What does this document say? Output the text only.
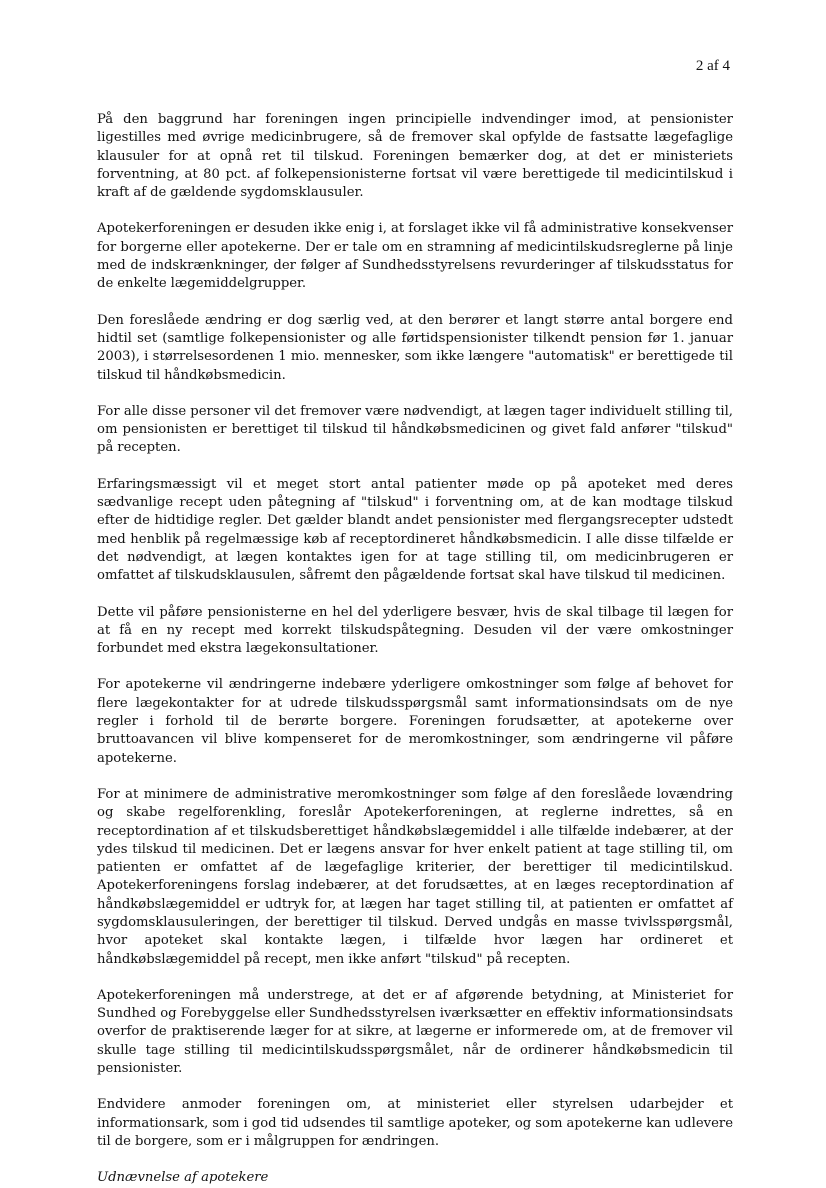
2 af 4

På den baggrund har foreningen ingen principielle indvendinger imod, at pensionister ligestilles med øvrige medicinbrugere, så de fremover skal opfylde de fastsatte lægefaglige klausuler for at opnå ret til tilskud. Foreningen bemærker dog, at det er ministeriets forventning, at 80 pct. af folkepensionisterne fortsat vil være berettigede til medicintilskud i kraft af de gældende sygdomsklausuler.

Apotekerforeningen er desuden ikke enig i, at forslaget ikke vil få administrative konsekvenser for borgerne eller apotekerne. Der er tale om en stramning af medicintilskudsreglerne på linje med de indskrænkninger, der følger af Sundhedsstyrelsens revurderinger af tilskudsstatus for de enkelte lægemiddelgrupper.

Den foreslåede ændring er dog særlig ved, at den berører et langt større antal borgere end hidtil set (samtlige folkepensionister og alle førtidspensionister tilkendt pension før 1. januar 2003), i størrelsesordenen 1 mio. mennesker, som ikke længere "automatisk" er berettigede til tilskud til håndkøbsmedicin.

For alle disse personer vil det fremover være nødvendigt, at lægen tager individuelt stilling til, om pensionisten er berettiget til tilskud til håndkøbsmedicinen og givet fald anfører "tilskud" på recepten.

Erfaringsmæssigt vil et meget stort antal patienter møde op på apoteket med deres sædvanlige recept uden påtegning af "tilskud" i forventning om, at de kan modtage tilskud efter de hidtidige regler. Det gælder blandt andet pensionister med flergangsrecepter udstedt med henblik på regelmæssige køb af receptordineret håndkøbsmedicin. I alle disse tilfælde er det nødvendigt, at lægen kontaktes igen for at tage stilling til, om medicinbrugeren er omfattet af tilskudsklausulen, såfremt den pågældende fortsat skal have tilskud til medicinen.

Dette vil påføre pensionisterne en hel del yderligere besvær, hvis de skal tilbage til lægen for at få en ny recept med korrekt tilskudspåtegning. Desuden vil der være omkostninger forbundet med ekstra lægekonsultationer.

For apotekerne vil ændringerne indebære yderligere omkostninger som følge af behovet for flere lægekontakter for at udrede tilskudsspørgsmål samt informationsindsats om de nye regler i forhold til de berørte borgere. Foreningen forudsætter, at apotekerne over bruttoavancen vil blive kompenseret for de meromkostninger, som ændringerne vil påføre apotekerne.

For at minimere de administrative meromkostninger som følge af den foreslåede lovændring og skabe regelforenkling, foreslår Apotekerforeningen, at reglerne indrettes, så en receptordination af et tilskudsberettiget håndkøbslægemiddel i alle tilfælde indebærer, at der ydes tilskud til medicinen. Det er lægens ansvar for hver enkelt patient at tage stilling til, om patienten er omfattet af de lægefaglige kriterier, der berettiger til medicintilskud. Apotekerforeningens forslag indebærer, at det forudsættes, at en læges receptordination af håndkøbslægemiddel er udtryk for, at lægen har taget stilling til, at patienten er omfattet af sygdomsklausuleringen, der berettiger til tilskud. Derved undgås en masse tvivlsspørgsmål, hvor apoteket skal kontakte lægen, i tilfælde hvor lægen har ordineret et håndkøbslægemiddel på recept, men ikke anført "tilskud" på recepten.

Apotekerforeningen må understrege, at det er af afgørende betydning, at Ministeriet for Sundhed og Forebyggelse eller Sundhedsstyrelsen iværksætter en effektiv informationsindsats overfor de praktiserende læger for at sikre, at lægerne er informerede om, at de fremover vil skulle tage stilling til medicintilskudsspørgsmålet, når de ordinerer håndkøbsmedicin til pensionister.

Endvidere anmoder foreningen om, at ministeriet eller styrelsen udarbejder et informationsark, som i god tid udsendes til samtlige apoteker, og som apotekerne kan udlevere til de borgere, som er i målgruppen for ændringen.

Udnævnelse af apotekere
